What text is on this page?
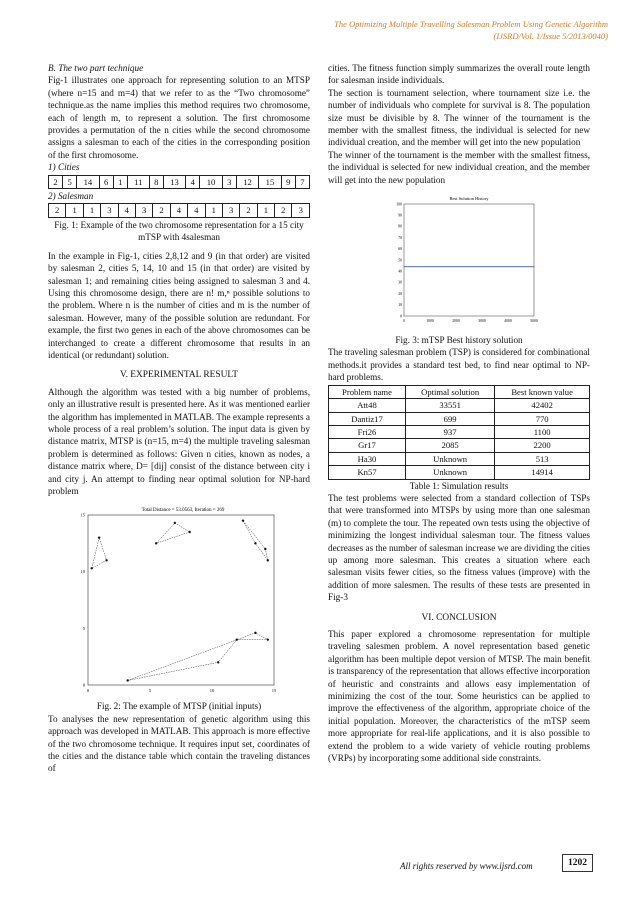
The Optimizing Multiple Travelling Salesman Problem Using Genetic Algorithm
(IJSRD/Vol. 1/Issue 5/2013/0040)

B. The two part technique

Fig-1 illustrates one approach for representing solution to an MTSP (where n=15 and m=4) that we refer to as the “Two chromosome” technique.as the name implies this method requires two chromosome, each of length m, to represent a solution. The first chromosome provides a permutation of the n cities while the second chromosome assigns a salesman to each of the cities in the corresponding position of the first chromosome.

1) Cities

2	5	14	6	1	11	8	13	4	10	3	12	15	9	7

2) Salesman

2	1	1	3	4	3	2	4	4	1	3	2	1	2	3

Fig. 1: Example of the two chromosome representation for a 15 city mTSP with 4salesman

In the example in Fig-1, cities 2,8,12 and 9 (in that order) are visited by salesman 2, cities 5, 14, 10 and 15 (in that order) are visited by salesman 1; and remaining cities being assigned to salesman 3 and 4. Using this chromosome design, there are n! m,ⁿ possible solutions to the problem. Where n is the number of cities and m is the number of salesman. However, many of the possible solution are redundant. For example, the first two genes in each of the above chromosomes can be interchanged to create a different chromosome that results in an identical (or redundant) solution.

V. EXPERIMENTAL RESULT

Although the algorithm was tested with a big number of problems, only an illustrative result is presented here. As it was mentioned earlier the algorithm has implemented in MATLAB. The example represents a whole process of a real problem’s solution. The input data is given by distance matrix, MTSP is (n=15, m=4) the multiple traveling salesman problem is determined as follows: Given n cities, known as nodes, a distance matrix where, D= [dij] consist of the distance between city i and city j. An attempt to finding near optimal solution for NP-hard problem

Total Distance = 53.0563, Iteration = 269
0	5	10	15
0
5
10
15

Fig. 2: The example of MTSP (initial inputs)

To analyses the new representation of genetic algorithm using this approach was developed in MATLAB. This approach is more effective of the two chromosome technique. It requires input set, coordinates of the cities and the distance table which contain the traveling distances of

cities. The fitness function simply summarizes the overall route length for salesman inside individuals.

The section is tournament selection, where tournament size i.e. the number of individuals who complete for survival is 8. The population size must be divisible by 8. The winner of the tournament is the member with the smallest fitness, the individual is selected for new individual creation, and the member will get into the new population

The winner of the tournament is the member with the smallest fitness, the individual is selected for new individual creation, and the member will get into the new population

Best Solution History
0	1000	2000	3000	4000	5000
0
10
20
30
40
50
60
70
80
90
100

Fig. 3: mTSP Best history solution

The traveling salesman problem (TSP) is considered for combinational methods.it provides a standard test bed, to find near optimal to NP-hard problems.

Problem name	Optimal solution	Best known value
Att48	33551	42402
Dantiz17	699	770
Fri26	937	1100
Gr17	2085	2200
Ha30	Unknown	513
Kn57	Unknown	14914

Table 1: Simulation results

The test problems were selected from a standard collection of TSPs that were transformed into MTSPs by using more than one salesman (m) to complete the tour. The repeated own tests using the objective of minimizing the longest individual salesman tour. The fitness values decreases as the number of salesman increase we are dividing the cities up among more salesman. This creates a situation where each salesman visits fewer cities, so the fitness values (improve) with the addition of more salesmen. The results of these tests are presented in Fig-3

VI. CONCLUSION

This paper explored a chromosome representation for multiple traveling salesmen problem. A novel representation based genetic algorithm has been multiple depot version of MTSP. The main benefit is transparency of the representation that allows effective incorporation of heuristic and constraints and allows easy implementation of minimizing the cost of the tour. Some heuristics can be applied to improve the effectiveness of the algorithm, appropriate choice of the initial population. Moreover, the characteristics of the mTSP seem more appropriate for real-life applications, and it is also possible to extend the problem to a wide variety of vehicle routing problems (VRPs) by incorporating some additional side constraints.

All rights reserved by www.ijsrd.com	1202
